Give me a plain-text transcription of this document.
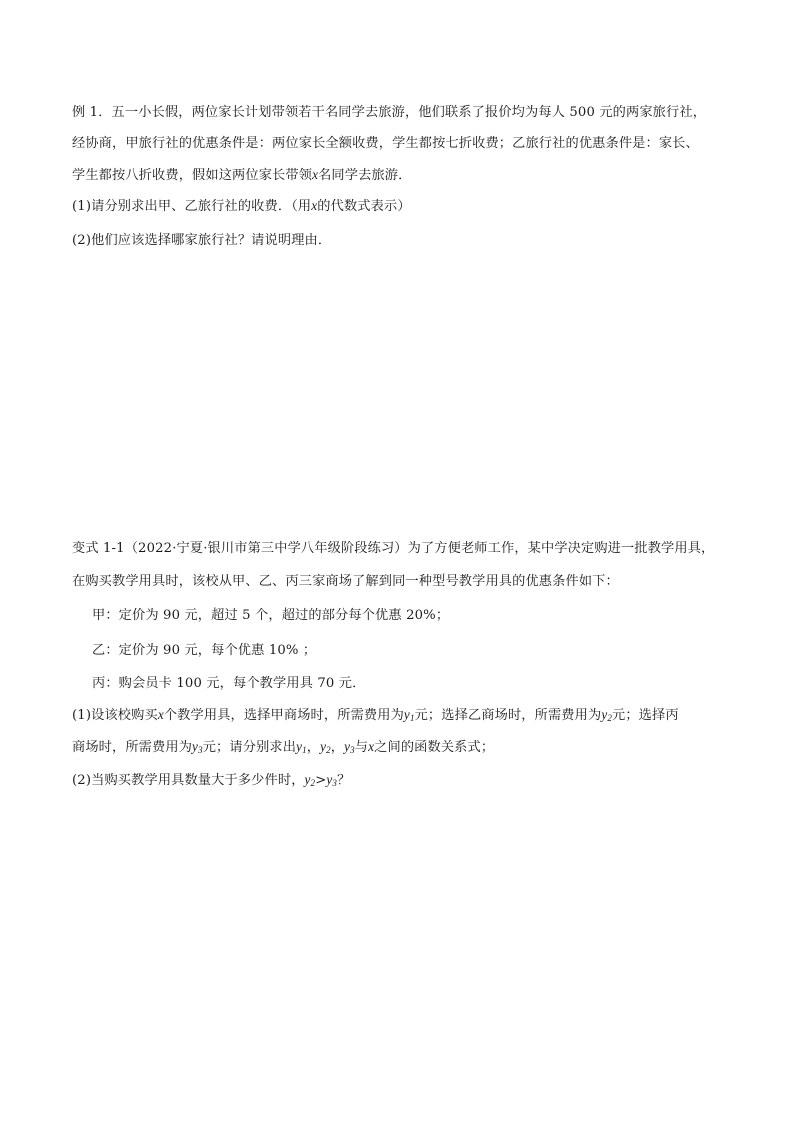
例 1．五一小长假，两位家长计划带领若干名同学去旅游，他们联系了报价均为每人 500 元的两家旅行社，
经协商，甲旅行社的优惠条件是：两位家长全额收费，学生都按七折收费；乙旅行社的优惠条件是：家长、
学生都按八折收费，假如这两位家长带领x名同学去旅游．
(1)请分别求出甲、乙旅行社的收费．（用x的代数式表示）
(2)他们应该选择哪家旅行社？请说明理由．
变式 1-1（2022·宁夏·银川市第三中学八年级阶段练习）为了方便老师工作，某中学决定购进一批教学用具，
在购买教学用具时，该校从甲、乙、丙三家商场了解到同一种型号教学用具的优惠条件如下：
甲：定价为 90 元，超过 5 个，超过的部分每个优惠 20%；
乙：定价为 90 元，每个优惠 10% ；
丙：购会员卡 100 元，每个教学用具 70 元．
(1)设该校购买x个教学用具，选择甲商场时，所需费用为$y_1$元；选择乙商场时，所需费用为$y_2$元；选择丙
商场时，所需费用为$y_3$元；请分别求出$y_1$，$y_2$，$y_3$与x之间的函数关系式；
(2)当购买教学用具数量大于多少件时，$y_2>y_3$？
